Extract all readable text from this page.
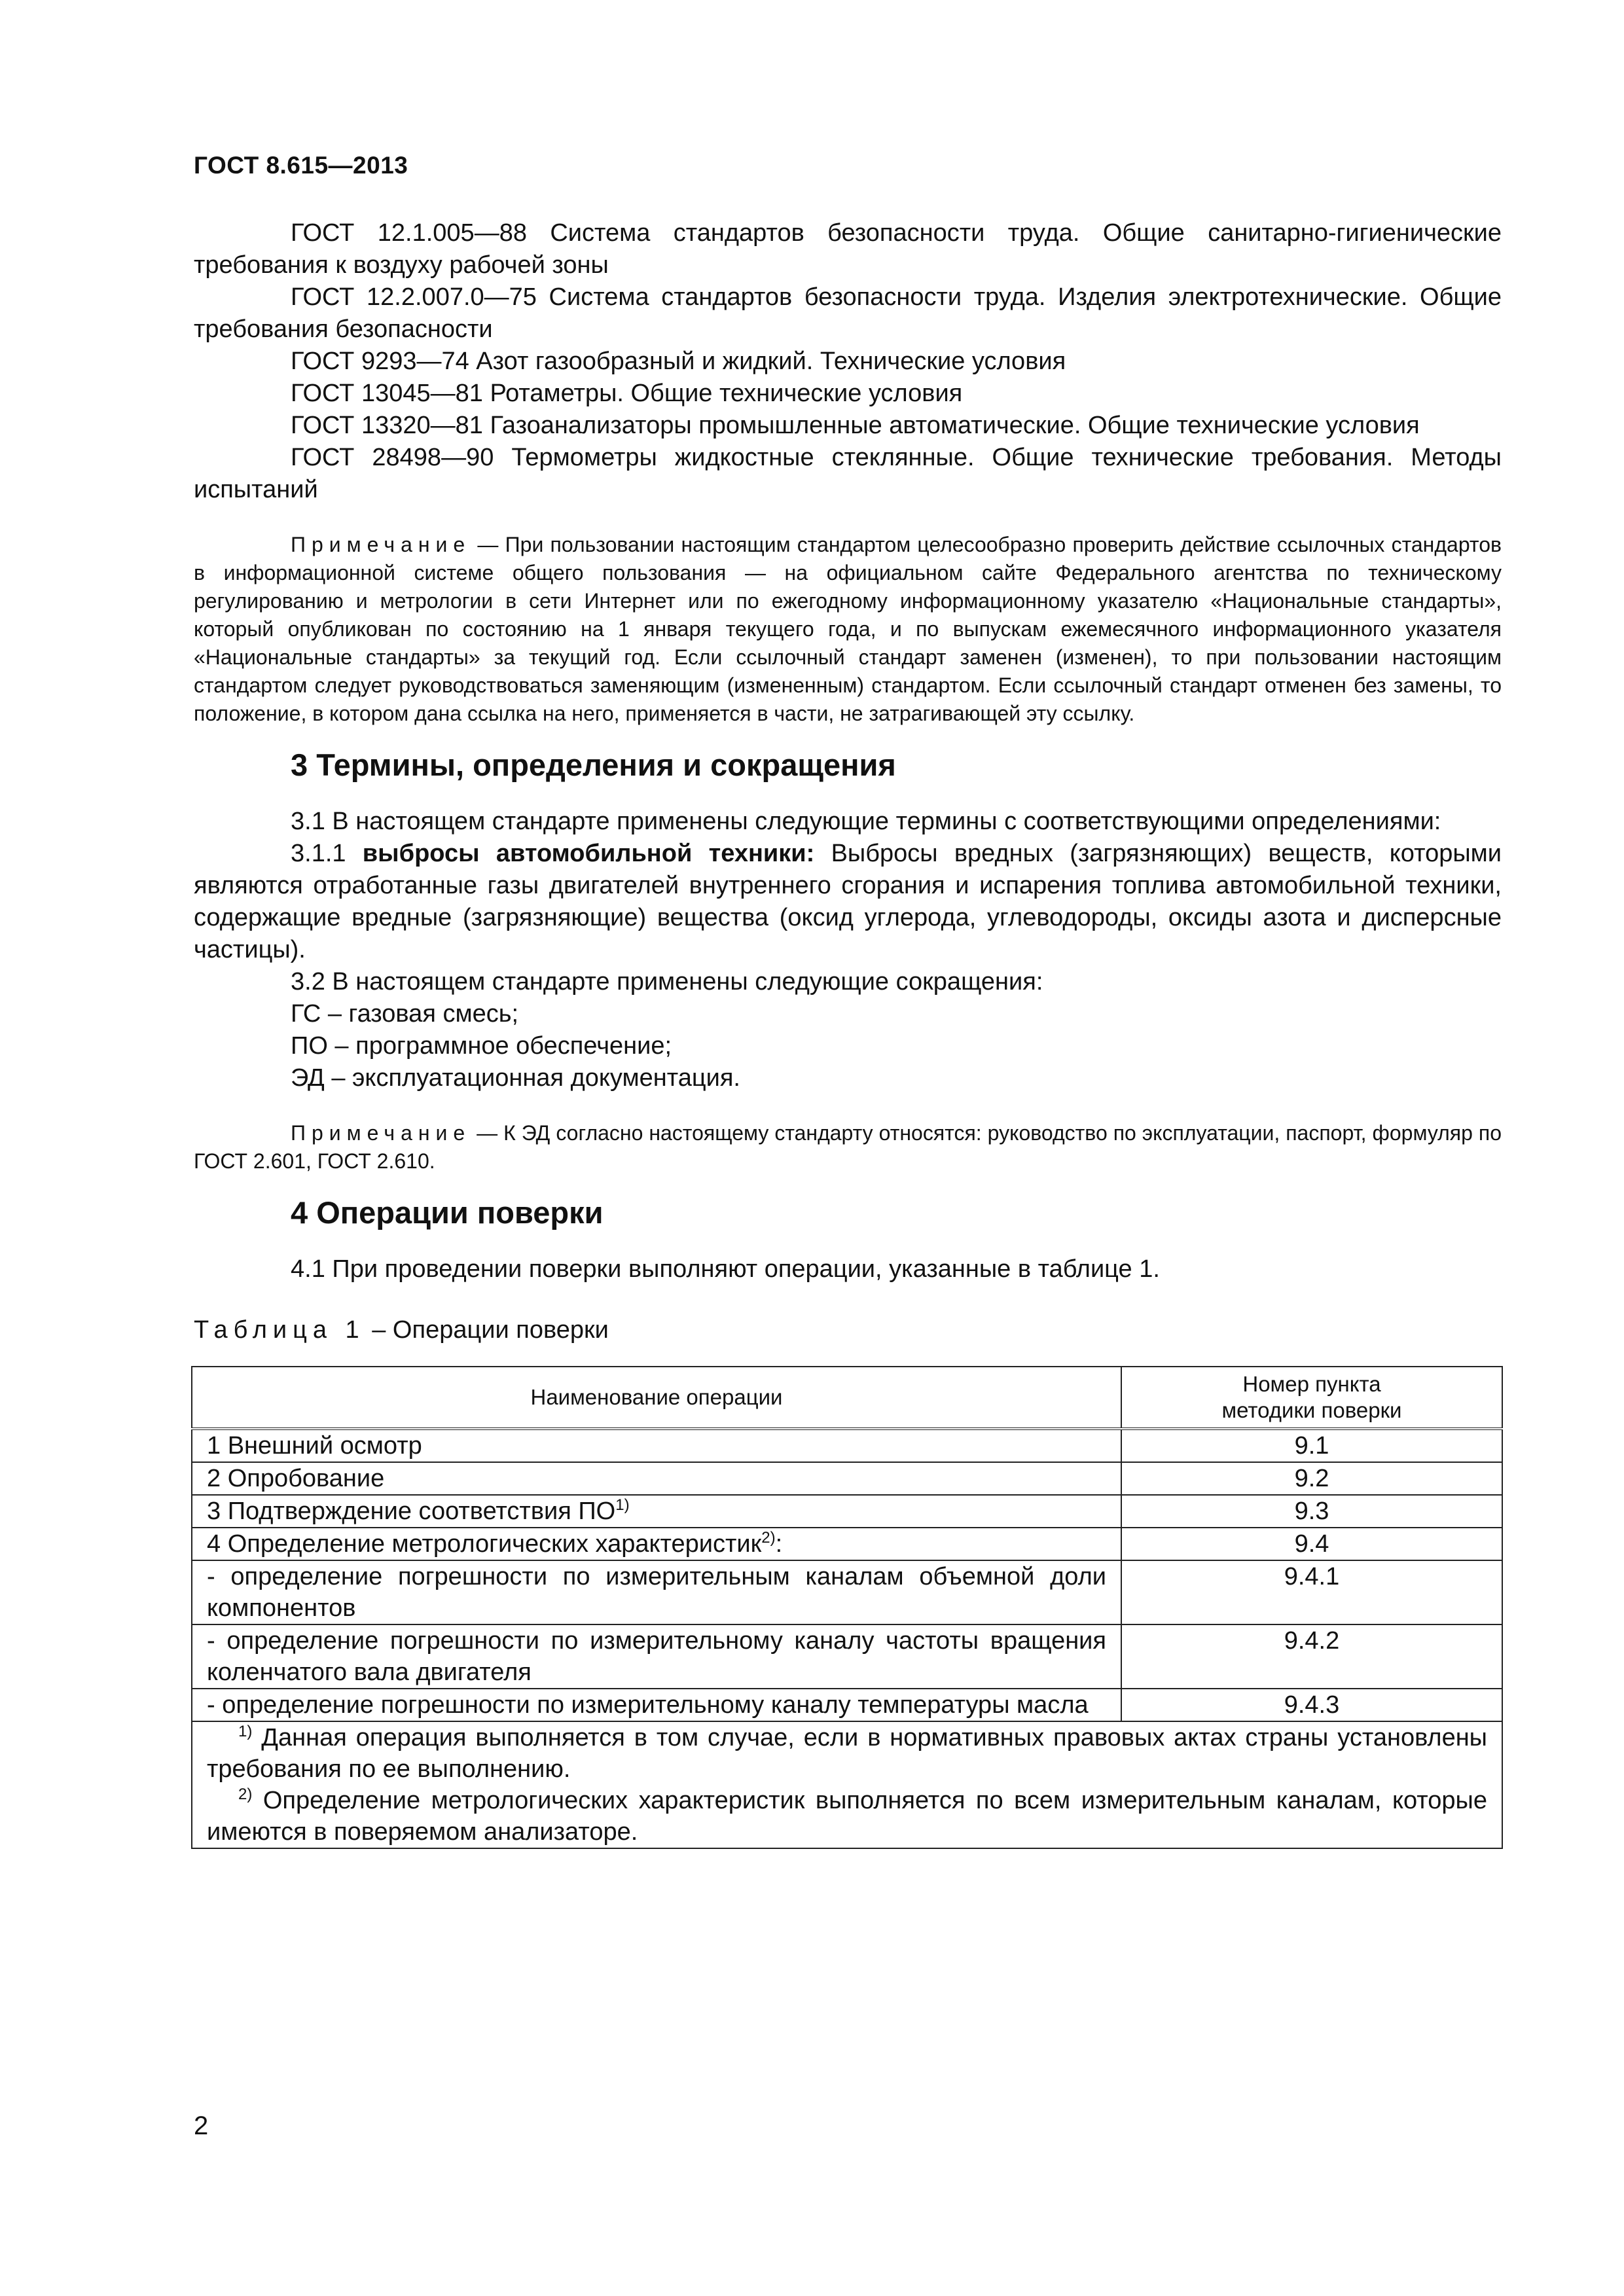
ГОСТ 8.615—2013

ГОСТ 12.1.005—88 Система стандартов безопасности труда. Общие санитарно-гигиенические требования к воздуху рабочей зоны

ГОСТ 12.2.007.0—75 Система стандартов безопасности труда. Изделия электротехнические. Общие требования безопасности

ГОСТ 9293—74 Азот газообразный и жидкий. Технические условия

ГОСТ 13045—81 Ротаметры. Общие технические условия

ГОСТ 13320—81 Газоанализаторы промышленные автоматические. Общие технические условия

ГОСТ 28498—90 Термометры жидкостные стеклянные. Общие технические требования. Методы испытаний

Примечание — При пользовании настоящим стандартом целесообразно проверить действие ссылочных стандартов в информационной системе общего пользования — на официальном сайте Федерального агентства по техническому регулированию и метрологии в сети Интернет или по ежегодному информационному указателю «Национальные стандарты», который опубликован по состоянию на 1 января текущего года, и по выпускам ежемесячного информационного указателя «Национальные стандарты» за текущий год. Если ссылочный стандарт заменен (изменен), то при пользовании настоящим стандартом следует руководствоваться заменяющим (измененным) стандартом. Если ссылочный стандарт отменен без замены, то положение, в котором дана ссылка на него, применяется в части, не затрагивающей эту ссылку.

3 Термины, определения и сокращения

3.1 В настоящем стандарте применены следующие термины с соответствующими определениями:

3.1.1 выбросы автомобильной техники: Выбросы вредных (загрязняющих) веществ, которыми являются отработанные газы двигателей внутреннего сгорания и испарения топлива автомобильной техники, содержащие вредные (загрязняющие) вещества (оксид углерода, углеводороды, оксиды азота и дисперсные частицы).

3.2 В настоящем стандарте применены следующие сокращения:

ГС – газовая смесь;

ПО – программное обеспечение;

ЭД – эксплуатационная документация.

Примечание — К ЭД согласно настоящему стандарту относятся: руководство по эксплуатации, паспорт, формуляр по ГОСТ 2.601, ГОСТ 2.610.

4 Операции поверки

4.1 При проведении поверки выполняют операции, указанные в таблице 1.

Таблица 1 – Операции поверки

Наименование операции	Номер пункта
методики поверки
1 Внешний осмотр	9.1
2 Опробование	9.2
3 Подтверждение соответствия ПО$^{1)}$	9.3
4 Определение метрологических характеристик$^{2)}$:	9.4
- определение погрешности по измерительным каналам объемной доли компонентов	9.4.1
- определение погрешности по измерительному каналу частоты вращения коленчатого вала двигателя	9.4.2
- определение погрешности по измерительному каналу температуры масла	9.4.3

$^{1)}$ Данная операция выполняется в том случае, если в нормативных правовых актах страны установлены требования по ее выполнению.

$^{2)}$ Определение метрологических характеристик выполняется по всем измерительным каналам, которые имеются в поверяемом анализаторе.	

2
